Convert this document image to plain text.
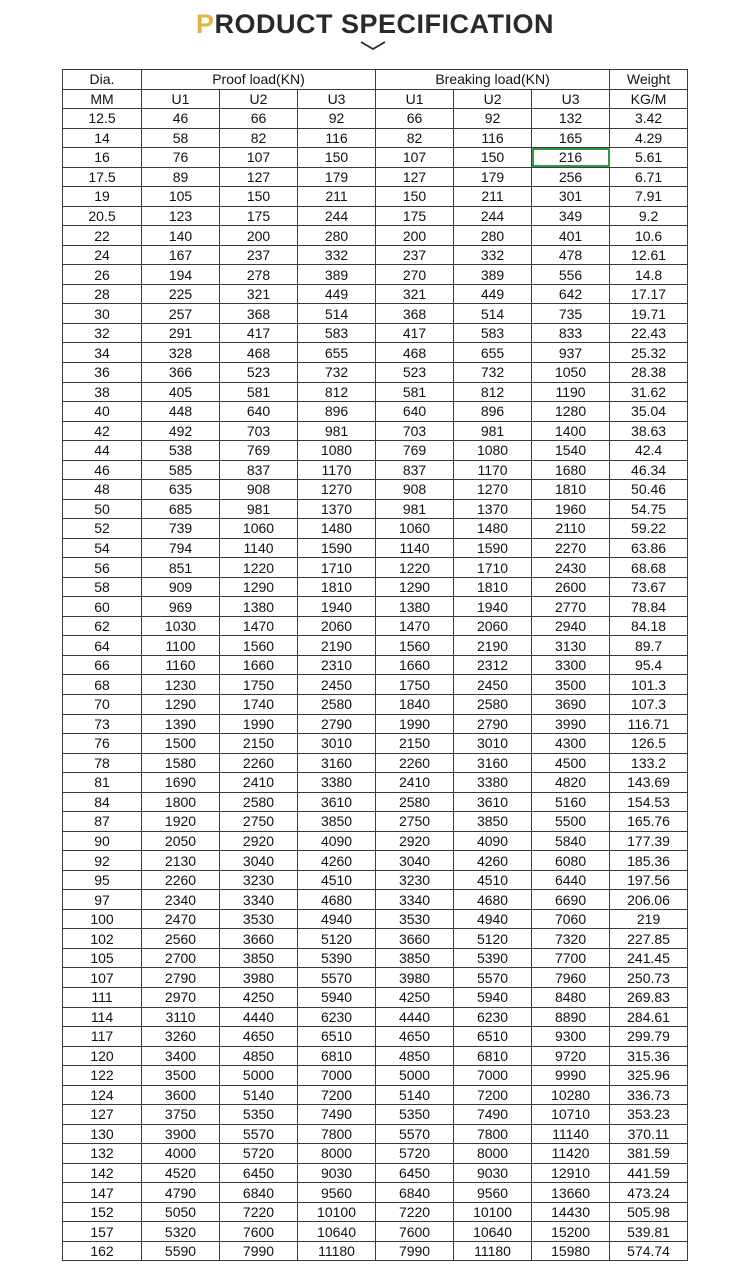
PRODUCT SPECIFICATION
Dia.	Proof load(KN)			Breaking load(KN)			Weight
MM	U1	U2	U3	U1	U2	U3	KG/M
12.5	46	66	92	66	92	132	3.42
14	58	82	116	82	116	165	4.29
16	76	107	150	107	150	216	5.61
17.5	89	127	179	127	179	256	6.71
19	105	150	211	150	211	301	7.91
20.5	123	175	244	175	244	349	9.2
22	140	200	280	200	280	401	10.6
24	167	237	332	237	332	478	12.61
26	194	278	389	270	389	556	14.8
28	225	321	449	321	449	642	17.17
30	257	368	514	368	514	735	19.71
32	291	417	583	417	583	833	22.43
34	328	468	655	468	655	937	25.32
36	366	523	732	523	732	1050	28.38
38	405	581	812	581	812	1190	31.62
40	448	640	896	640	896	1280	35.04
42	492	703	981	703	981	1400	38.63
44	538	769	1080	769	1080	1540	42.4
46	585	837	1170	837	1170	1680	46.34
48	635	908	1270	908	1270	1810	50.46
50	685	981	1370	981	1370	1960	54.75
52	739	1060	1480	1060	1480	2110	59.22
54	794	1140	1590	1140	1590	2270	63.86
56	851	1220	1710	1220	1710	2430	68.68
58	909	1290	1810	1290	1810	2600	73.67
60	969	1380	1940	1380	1940	2770	78.84
62	1030	1470	2060	1470	2060	2940	84.18
64	1100	1560	2190	1560	2190	3130	89.7
66	1160	1660	2310	1660	2312	3300	95.4
68	1230	1750	2450	1750	2450	3500	101.3
70	1290	1740	2580	1840	2580	3690	107.3
73	1390	1990	2790	1990	2790	3990	116.71
76	1500	2150	3010	2150	3010	4300	126.5
78	1580	2260	3160	2260	3160	4500	133.2
81	1690	2410	3380	2410	3380	4820	143.69
84	1800	2580	3610	2580	3610	5160	154.53
87	1920	2750	3850	2750	3850	5500	165.76
90	2050	2920	4090	2920	4090	5840	177.39
92	2130	3040	4260	3040	4260	6080	185.36
95	2260	3230	4510	3230	4510	6440	197.56
97	2340	3340	4680	3340	4680	6690	206.06
100	2470	3530	4940	3530	4940	7060	219
102	2560	3660	5120	3660	5120	7320	227.85
105	2700	3850	5390	3850	5390	7700	241.45
107	2790	3980	5570	3980	5570	7960	250.73
111	2970	4250	5940	4250	5940	8480	269.83
114	3110	4440	6230	4440	6230	8890	284.61
117	3260	4650	6510	4650	6510	9300	299.79
120	3400	4850	6810	4850	6810	9720	315.36
122	3500	5000	7000	5000	7000	9990	325.96
124	3600	5140	7200	5140	7200	10280	336.73
127	3750	5350	7490	5350	7490	10710	353.23
130	3900	5570	7800	5570	7800	11140	370.11
132	4000	5720	8000	5720	8000	11420	381.59
142	4520	6450	9030	6450	9030	12910	441.59
147	4790	6840	9560	6840	9560	13660	473.24
152	5050	7220	10100	7220	10100	14430	505.98
157	5320	7600	10640	7600	10640	15200	539.81
162	5590	7990	11180	7990	11180	15980	574.74
